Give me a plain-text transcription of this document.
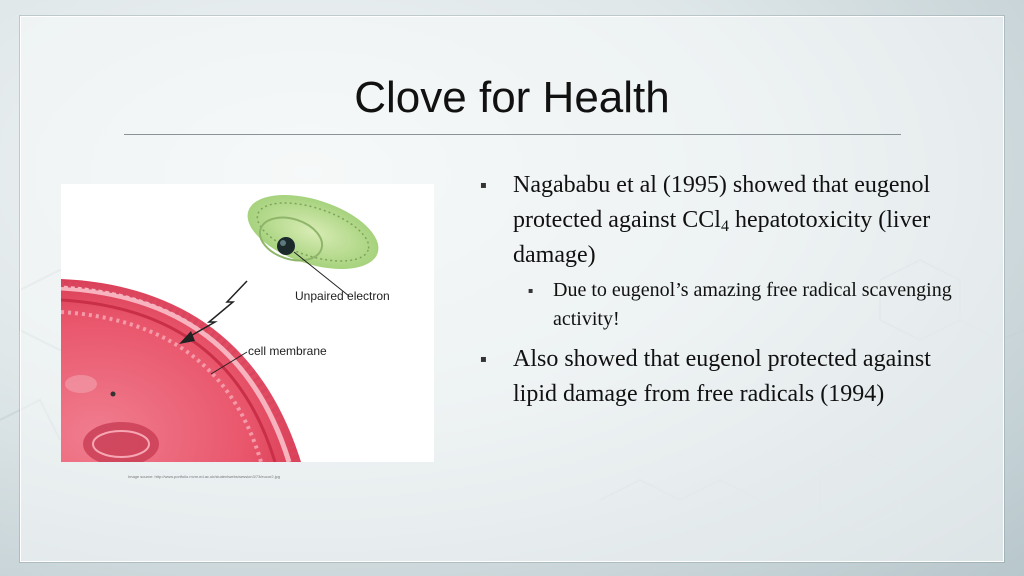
Clove for Health
Unpaired electron
cell membrane
Image source: http://www.portfolio.mvm.ed.ac.uk/studentwebs/session3/73/eucor2.jpg
▪ Nagababu et al (1995) showed that eugenol protected against CCl$_4$ hepatotoxicity (liver damage)
▪ Due to eugenol’s amazing free radical scavenging activity!
▪ Also showed that eugenol protected against lipid damage from free radicals (1994)
